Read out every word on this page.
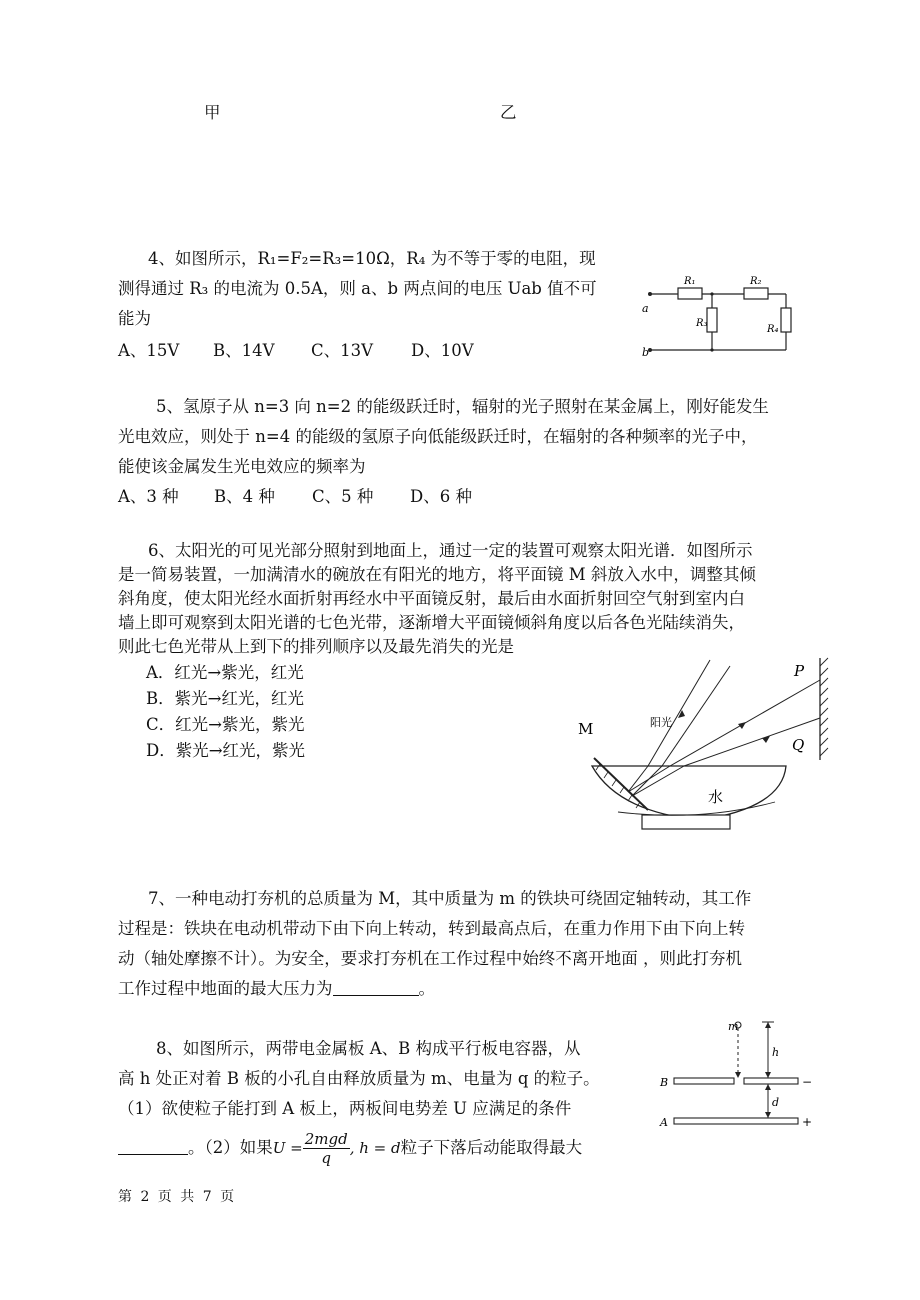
甲	乙
4、如图所示，R₁=F₂=R₃=10Ω，R₄ 为不等于零的电阻，现
测得通过 R₃ 的电流为 0.5A，则 a、b 两点间的电压 Uab 值不可
能为
A、15V B、14V C、13V D、10V
a
b
R₁	R₂
R₃
R₄
5、氢原子从 n=3 向 n=2 的能级跃迁时，辐射的光子照射在某金属上，刚好能发生
光电效应，则处于 n=4 的能级的氢原子向低能级跃迁时，在辐射的各种频率的光子中，
能使该金属发生光电效应的频率为
A、3 种 B、4 种 C、5 种 D、6 种
6、太阳光的可见光部分照射到地面上，通过一定的装置可观察太阳光谱．如图所示
是一简易装置，一加满清水的碗放在有阳光的地方，将平面镜 M 斜放入水中，调整其倾
斜角度，使太阳光经水面折射再经水中平面镜反射，最后由水面折射回空气射到室内白
墙上即可观察到太阳光谱的七色光带，逐渐增大平面镜倾斜角度以后各色光陆续消失，
则此七色光带从上到下的排列顺序以及最先消失的光是
A．红光→紫光，红光
B．紫光→红光，红光
C．红光→紫光，紫光
D．紫光→红光，紫光
M	阳光
P
Q
水
7、一种电动打夯机的总质量为 M，其中质量为 m 的铁块可绕固定轴转动，其工作
过程是：铁块在电动机带动下由下向上转动，转到最高点后，在重力作用下由下向上转
动（轴处摩擦不计）。为安全，要求打夯机在工作过程中始终不离开地面 ，则此打夯机
工作过程中地面的最大压力为	。
8、如图所示，两带电金属板 A、B 构成平行板电容器，从
高 h 处正对着 B 板的小孔自由释放质量为 m、电量为 q 的粒子。
（1）欲使粒子能打到 A 板上，两板间电势差 U 应满足的条件
。（2）如果$U = \frac{\text{2mgd}}{q}$ , h = d粒子下落后动能取得最大
m
h
B
A
d
−
+
第 2 页 共 7 页
